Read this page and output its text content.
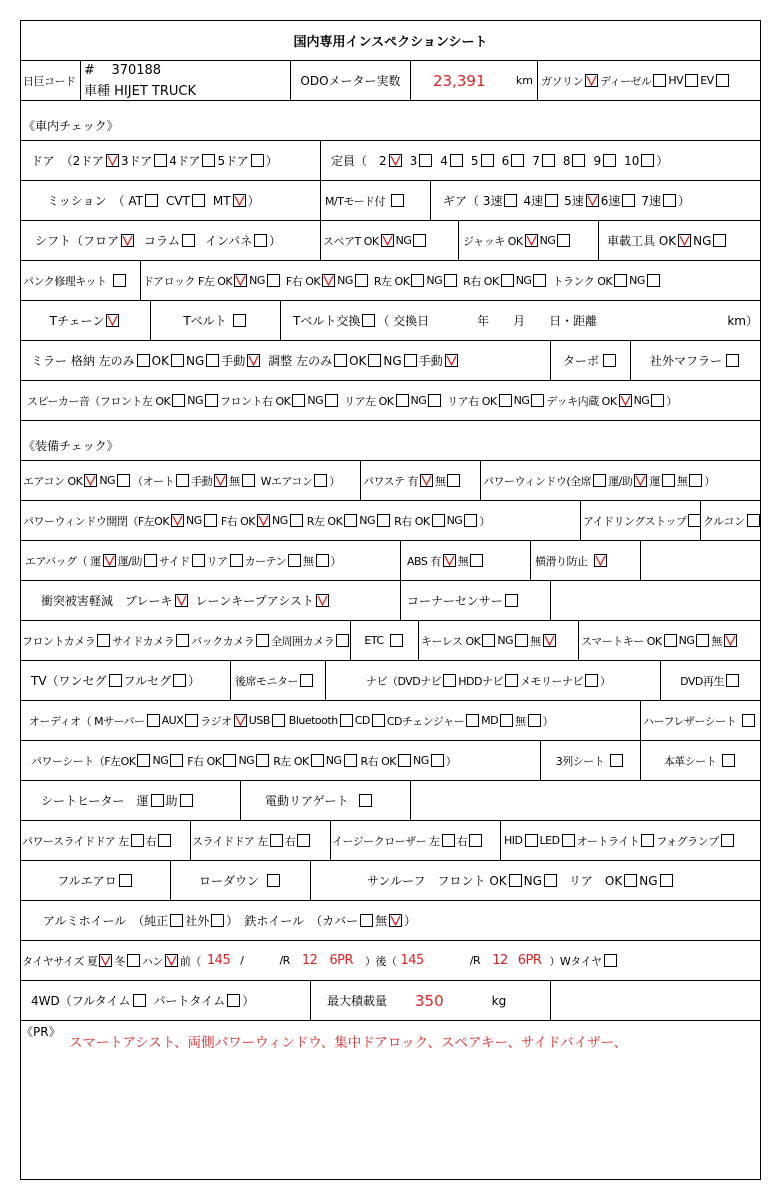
国内専用インスペクションシート
日巨コード
# 370188
車種 HIJET TRUCK
ODOメーター実数	23,391	km ガソリン ディーゼル HV EV
《車内チェック》
ドア　（2ドア 3ドア 4ドア 5ドア ）	定員（　2 3 4 5 6 7 8 9 10 ）
ミッション　（ AT CVT MT ）	M/Tモード付	ギア（ 3速 4速 5速 6速 7速 ）
シフト（フロア コラム インパネ ）	スペアT OK NG	ジャッキ OK NG	車載工具 OK NG
パンク修理キット	ドアロック F左 OK NG F右 OK NG R左 OK NG R右 OK NG トランク OK NG
Tチェーン	Tベルト	Tベルト交換 （ 交換日　　　　年　　月　　日・距離	km）
ミラー 格納 左のみ OK NG 手動 調整 左のみ OK NG 手動	ターボ	社外マフラー
スピーカー音（フロント左 OK NG フロント右 OK NG リア左 OK NG リア右 OK NG デッキ内蔵 OK NG ）
《装備チェック》
エアコン OK NG （オート 手動 無 Wエアコン ） パワステ 有 無	パワーウィンドウ(全席 運/助 運 無 ）
パワーウィンドウ開閉（F左OK NG F右 OK NG R左 OK NG R右 OK NG ）	アイドリングストップ クルコン
エアバッグ（ 運 運/助 サイド リア カーテン 無 ）	ABS 有 無	横滑り防止
衝突被害軽減　ブレーキ レーンキープアシスト	コーナーセンサー
フロントカメラ サイドカメラ バックカメラ 全周囲カメラ	ETC	キーレス OK NG 無	スマートキー OK NG 無
TV（ワンセグ フルセグ ）	後席モニター	ナビ（DVDナビ HDDナビ メモリーナビ ）	DVD再生
オーディオ（ Mサーバー AUX ラジオ USB Bluetooth CD CDチェンジャー MD 無 ）	ハーフレザーシート
パワーシート（F左OK NG F右 OK NG R左 OK NG R右 OK NG ）	3列シート	本革シート
シートヒーター　運 助	電動リアゲート
パワースライドドア 左 右	スライドドア 左 右	イージークローザー 左 右	HID LED オートライト フォグランプ
フルエアロ	ローダウン	サンルーフ　フロント OK NG リア　OK NG
アルミホイール　（純正 社外 ） 鉄ホイール　（カバー 無 ）
タイヤサイズ 夏 冬 ハン 前（ 145 /	/R 12 6PR ）後（ 145	/R 12 6PR ）Wタイヤ
4WD（フルタイム パートタイム ）	最大積載量 350	kg
《PR》
スマートアシスト、両側パワーウィンドウ、集中ドアロック、スペアキー、サイドバイザー、
